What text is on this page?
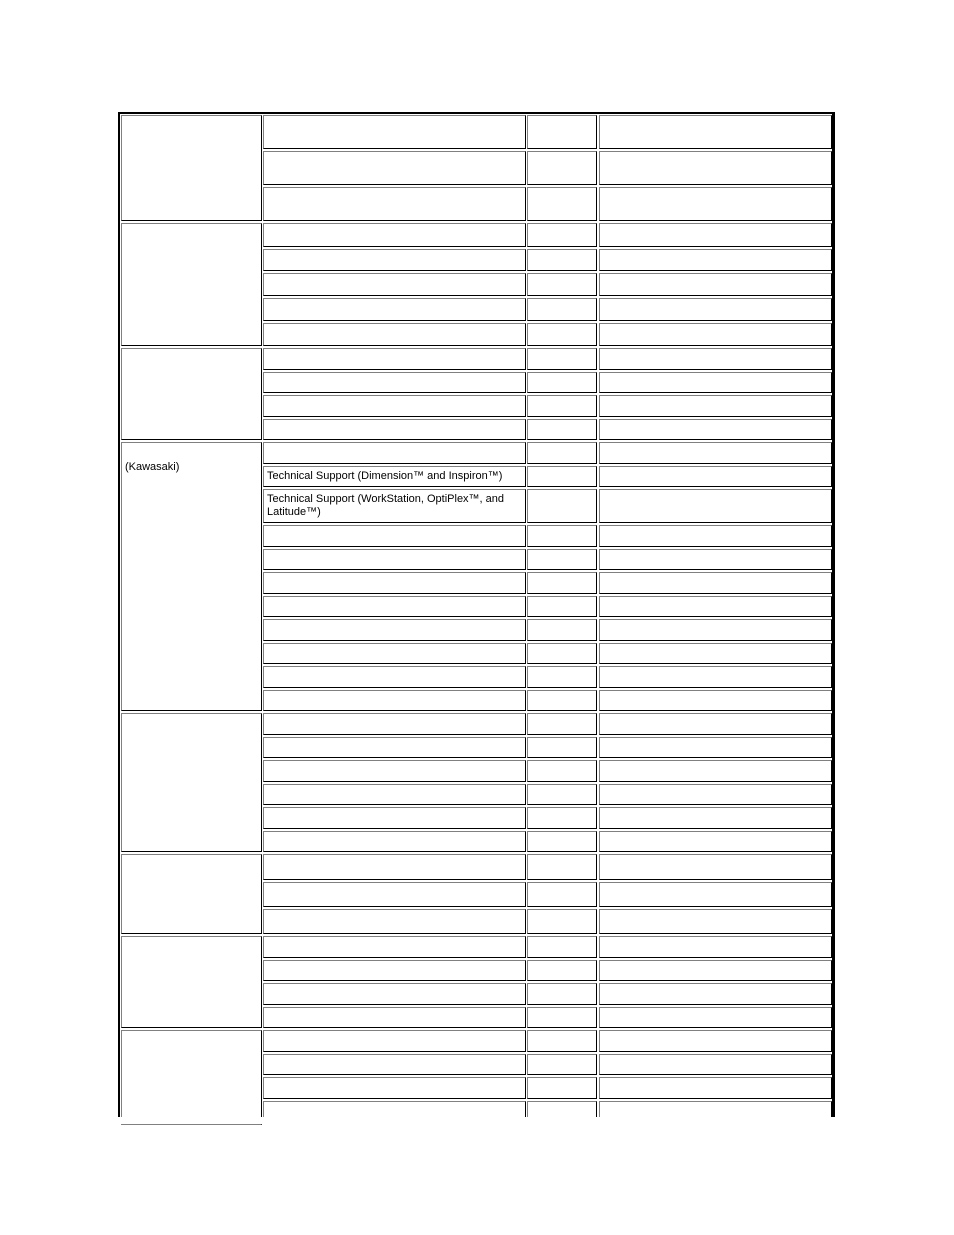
(Kawasaki)
Technical Support (Dimension™ and Inspiron™)
Technical Support (WorkStation, OptiPlex™, and Latitude™)
